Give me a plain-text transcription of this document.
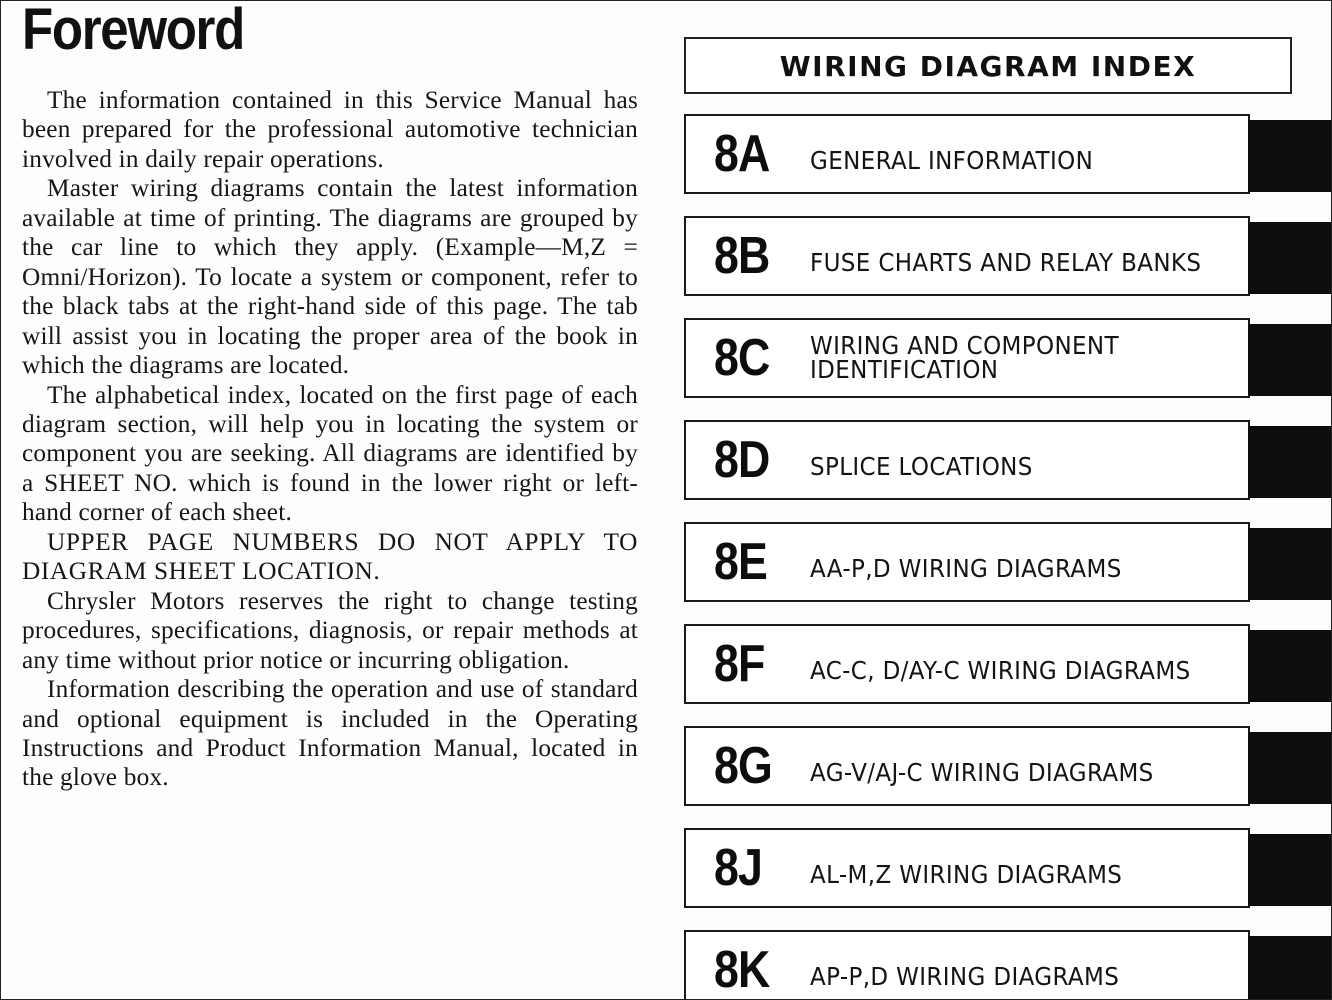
Foreword

The information contained in this Service Manual has been prepared for the professional automotive technician involved in daily repair operations.

Master wiring diagrams contain the latest information available at time of printing. The diagrams are grouped by the car line to which they apply. (Example—M,Z = Omni/Horizon). To locate a system or component, refer to the black tabs at the right-hand side of this page. The tab will assist you in locating the proper area of the book in which the diagrams are located.

The alphabetical index, located on the first page of each diagram section, will help you in locating the system or component you are seeking. All diagrams are identified by a SHEET NO. which is found in the lower right or left-hand corner of each sheet.

UPPER PAGE NUMBERS DO NOT APPLY TO DIAGRAM SHEET LOCATION.

Chrysler Motors reserves the right to change testing procedures, specifications, diagnosis, or repair methods at any time without prior notice or incurring obligation.

Information describing the operation and use of standard and optional equipment is included in the Operating Instructions and Product Information Manual, located in the glove box.

WIRING DIAGRAM INDEX
8A GENERAL INFORMATION
8B FUSE CHARTS AND RELAY BANKS
8C WIRING AND COMPONENT
IDENTIFICATION
8D SPLICE LOCATIONS
8E AA-P,D WIRING DIAGRAMS
8F AC-C, D/AY-C WIRING DIAGRAMS
8G AG-V/AJ-C WIRING DIAGRAMS
8J AL-M,Z WIRING DIAGRAMS
8K AP-P,D WIRING DIAGRAMS
